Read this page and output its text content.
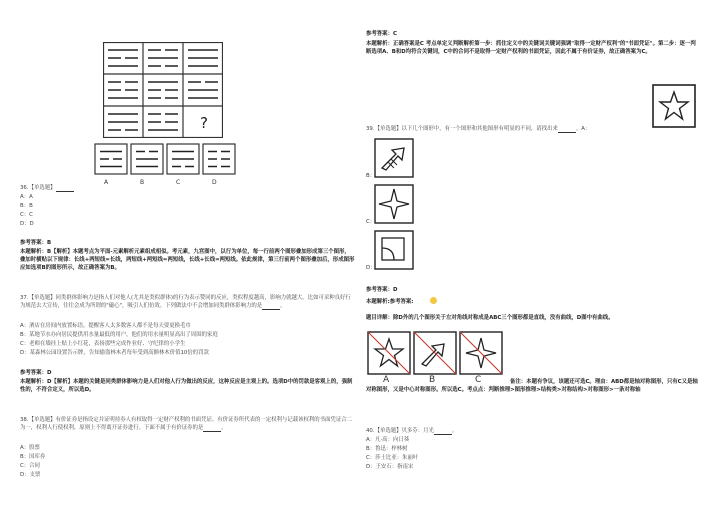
?
A	B	C	D
36.【单选题】
A：A
B：B
C：C
D：D
参考答案：B
本题解析：B【解析】本题考点为平面-元素解析元素组成相似。考元素，九宫图中，以行为单位，每一行前两个图形叠加形成第三个图形，叠加时横贴以下规律：长线+两短线=长线，两短线+两短线=两短线，长线+长线=两短线。依此规律，第三行前两个图形叠加后，形成图形应如选项B的图形所示，故正确答案为B。
37.【单选题】同类群体影响力是指人们对他人(尤其是类似群体)的行为表示赞同的反应，类似程度越高，影响力就越大。比如可采种良好行为规范去大宣传，往往会成为所谓的"磁心"，吸引人们仿效。下列做法中不会增加同类群体影响力的是	。
A：酒店在房间内放置标语，提醒客人太多数客人都不是每天要更换毛巾
B：某地节水办向居民提供用水量最低的用户，他们的用水量明显高出了周围的家庭
C：老师在墙挂上贴上小红花，表扬那些完成作业好、守纪律的小学生
D：某森林公园设置告示牌，告知偷盗林木者每年受到高额林木价值10倍的罚款
参考答案：D
本题解析：D【解析】本题的关键是同类群体影响力是人们对他人行为做出的反应，这种反应是主观上的。选项D中的罚款是客观上的，强制性的，不符合定义，所以选D。
38.【单选题】有价证券是指设定并证明持券人有权取得一定财产权利的书面凭证。有价证券所代表的一定权利与记载该权利的书面凭证合二为一，权利人行使权利，原则上不得离开证券进行。下面不属于有价证券的是	。
A：股票
B：国库券
C：合同
D：支票
参考答案：C
本题解析：正确答案是C 考点单定义判断解析第一步：抓住定义中的关键词关键词强调"取得一定财产权利"的"书面凭证"。第二步：逐一判断选项A、B和D均符合关键词，C中的合同不是取得一定财产权利的书面凭证，因此不属于有价证券，故正确答案为C。
39.【单选题】以下几个图形中，有一个图形和其他图形有明显的不同，请找出来	。A：
B：
C：
D：
参考答案：D
本题解析:参考答案:
题目详解：除D外的几个图形关于左对角线对称成是ABC三个图形都是直线，没有曲线，D图中有曲线。
A	B	C	备注：本题有争议，该题还可选C。理由：ABD都是轴对称图形，只有C又是轴对称图形，又是中心对称图形。所以选C。考点点：判断推理>图形推理>结构类>对称结构>对称图形>一条对称轴
40.【单选题】贝多芬：月光	。
A：凡·高：向日葵
B：鲁迅：梓林树
C：莎士比亚：朱丽叶
D：王安石：指南宋
